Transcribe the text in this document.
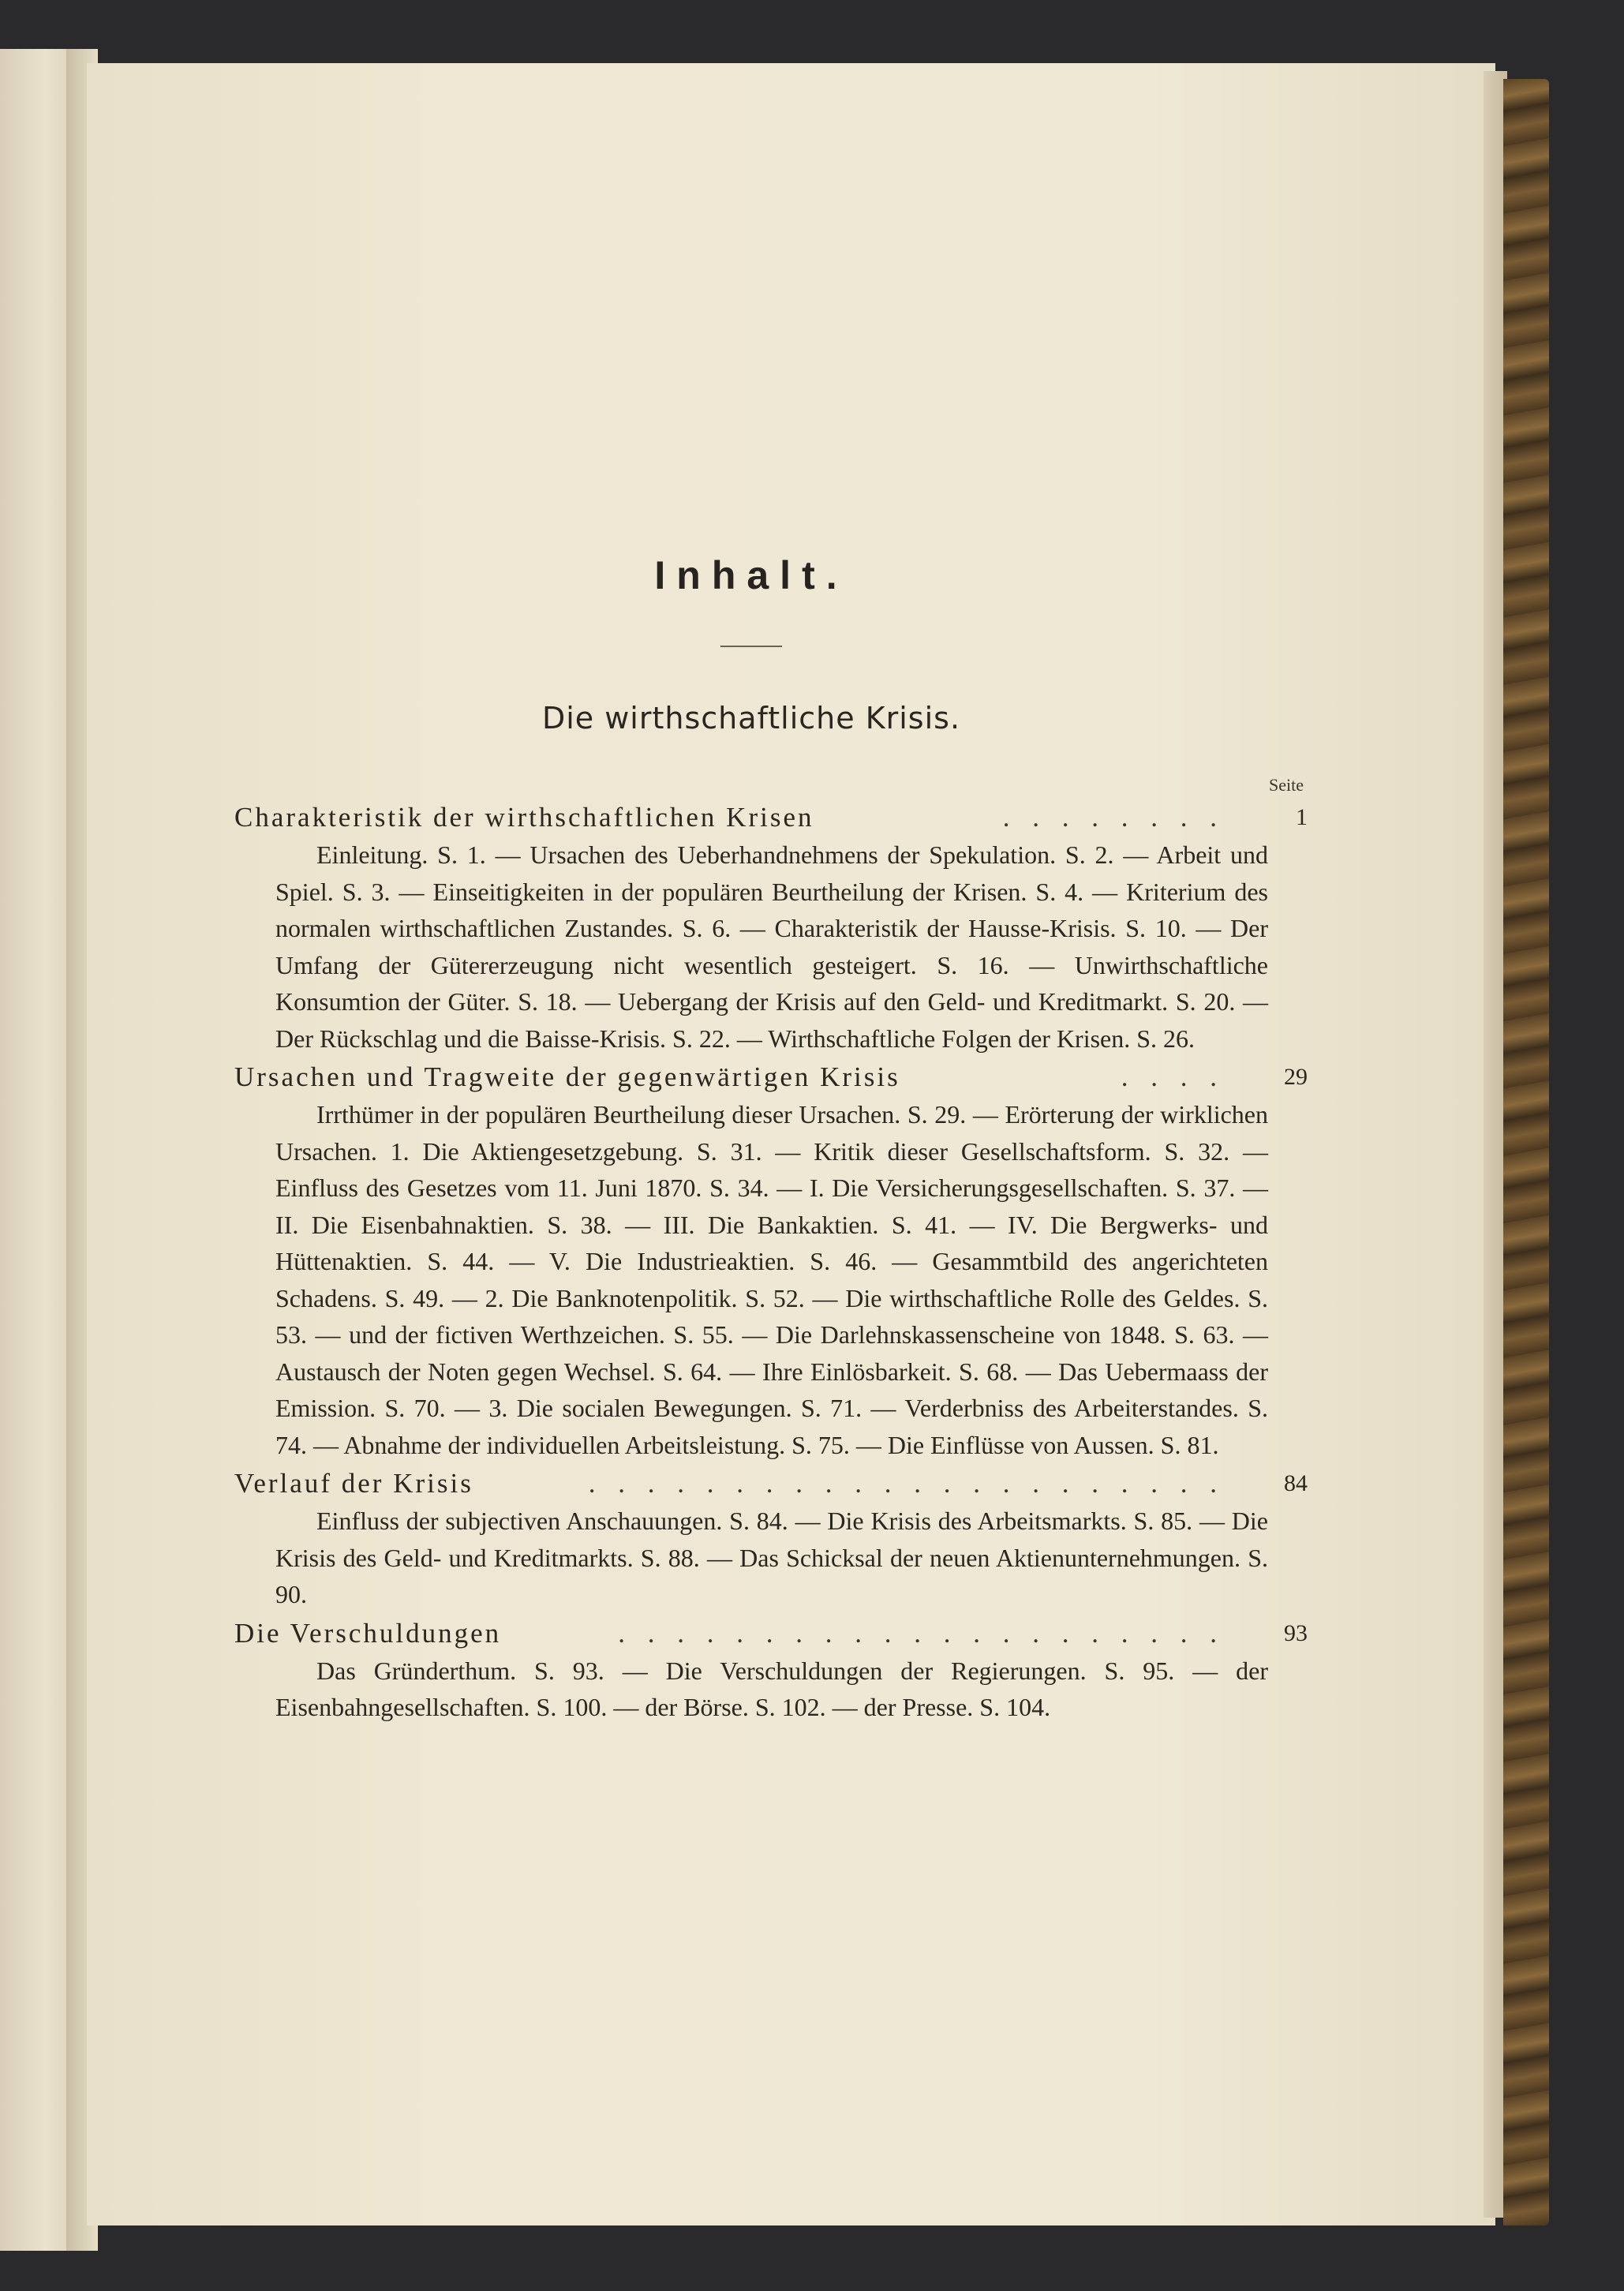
Inhalt.
Die wirthschaftliche Krisis.
Seite
Charakteristik der wirthschaftlichen Krisen	. . . . . . . .	1

Einleitung. S. 1. — Ursachen des Ueberhandnehmens der Spekulation. S. 2. — Arbeit und Spiel. S. 3. — Einseitigkeiten in der populären Beurtheilung der Krisen. S. 4. — Kriterium des normalen wirthschaftlichen Zustandes. S. 6. — Charakteristik der Hausse-Krisis. S. 10. — Der Umfang der Gütererzeugung nicht wesentlich gesteigert. S. 16. — Unwirthschaftliche Konsumtion der Güter. S. 18. — Uebergang der Krisis auf den Geld- und Kreditmarkt. S. 20. — Der Rückschlag und die Baisse-Krisis. S. 22. — Wirthschaftliche Folgen der Krisen. S. 26.

Ursachen und Tragweite der gegenwärtigen Krisis	. . . .	29

Irrthümer in der populären Beurtheilung dieser Ursachen. S. 29. — Erörterung der wirklichen Ursachen. 1. Die Aktiengesetzgebung. S. 31. — Kritik dieser Gesellschaftsform. S. 32. — Einfluss des Gesetzes vom 11. Juni 1870. S. 34. — I. Die Versicherungsgesellschaften. S. 37. — II. Die Eisenbahnaktien. S. 38. — III. Die Bankaktien. S. 41. — IV. Die Bergwerks- und Hüttenaktien. S. 44. — V. Die Industrieaktien. S. 46. — Gesammtbild des angerichteten Schadens. S. 49. — 2. Die Banknotenpolitik. S. 52. — Die wirthschaftliche Rolle des Geldes. S. 53. — und der fictiven Werthzeichen. S. 55. — Die Darlehnskassenscheine von 1848. S. 63. — Austausch der Noten gegen Wechsel. S. 64. — Ihre Einlösbarkeit. S. 68. — Das Uebermaass der Emission. S. 70. — 3. Die socialen Bewegungen. S. 71. — Verderbniss des Arbeiterstandes. S. 74. — Abnahme der individuellen Arbeitsleistung. S. 75. — Die Einflüsse von Aussen. S. 81.

Verlauf der Krisis	. . . . . . . . . . . . . . . . . . . . . .	84

Einfluss der subjectiven Anschauungen. S. 84. — Die Krisis des Arbeitsmarkts. S. 85. — Die Krisis des Geld- und Kreditmarkts. S. 88. — Das Schicksal der neuen Aktienunternehmungen. S. 90.

Die Verschuldungen	. . . . . . . . . . . . . . . . . . . . .	93

Das Gründerthum. S. 93. — Die Verschuldungen der Regierungen. S. 95. — der Eisenbahngesellschaften. S. 100. — der Börse. S. 102. — der Presse. S. 104.
